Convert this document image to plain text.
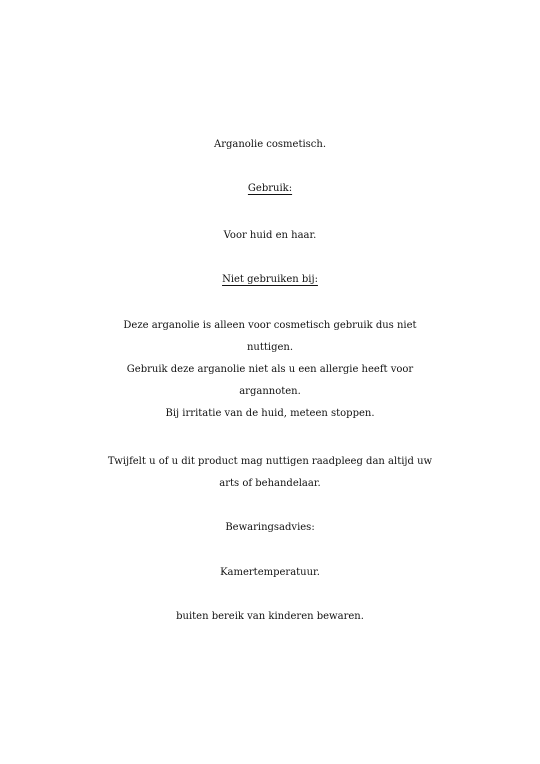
Arganolie cosmetisch.
Gebruik:
Voor huid en haar.
Niet gebruiken bij:
Deze arganolie is alleen voor cosmetisch gebruik dus niet
nuttigen.
Gebruik deze arganolie niet als u een allergie heeft voor
argannoten.
Bij irritatie van de huid, meteen stoppen.
Twijfelt u of u dit product mag nuttigen raadpleeg dan altijd uw
arts of behandelaar.
Bewaringsadvies:
Kamertemperatuur.
buiten bereik van kinderen bewaren.
